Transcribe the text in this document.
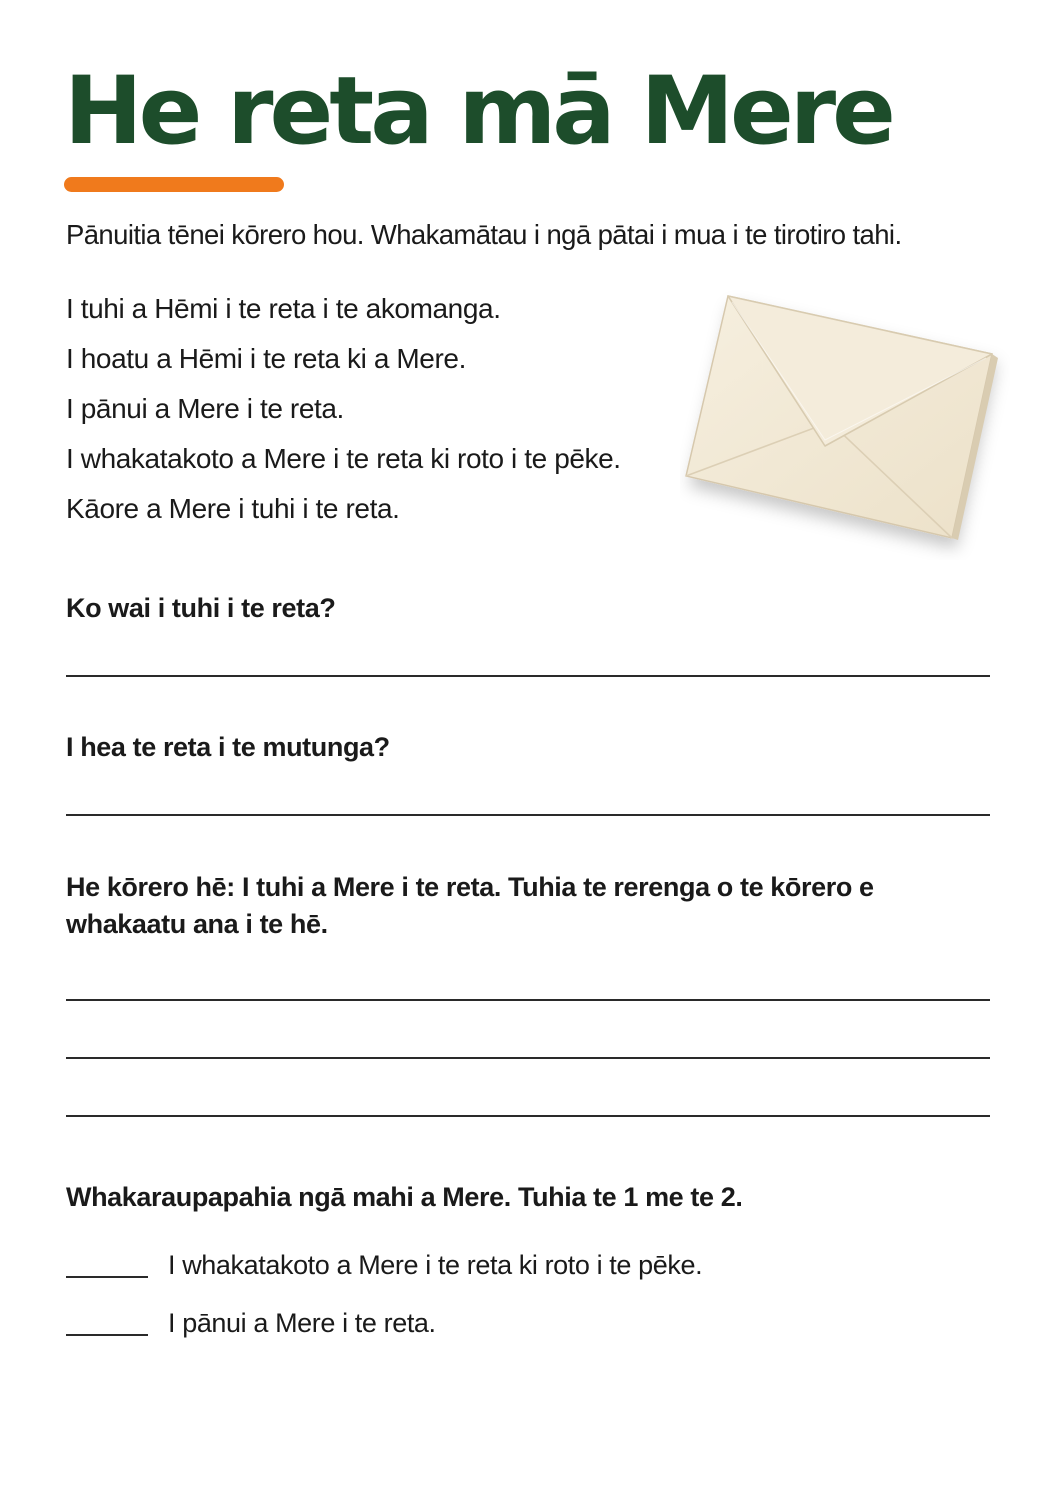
He reta mā Mere

Pānuitia tēnei kōrero hou. Whakamātau i ngā pātai i mua i te tirotiro tahi.

I tuhi a Hēmi i te reta i te akomanga.
I hoatu a Hēmi i te reta ki a Mere.
I pānui a Mere i te reta.
I whakatakoto a Mere i te reta ki roto i te pēke.
Kāore a Mere i tuhi i te reta.

Ko wai i tuhi i te reta?

I hea te reta i te mutunga?

He kōrero hē: I tuhi a Mere i te reta. Tuhia te rerenga o te kōrero e whakaatu ana i te hē.

Whakaraupapahia ngā mahi a Mere. Tuhia te 1 me te 2.

I whakatakoto a Mere i te reta ki roto i te pēke.
I pānui a Mere i te reta.
